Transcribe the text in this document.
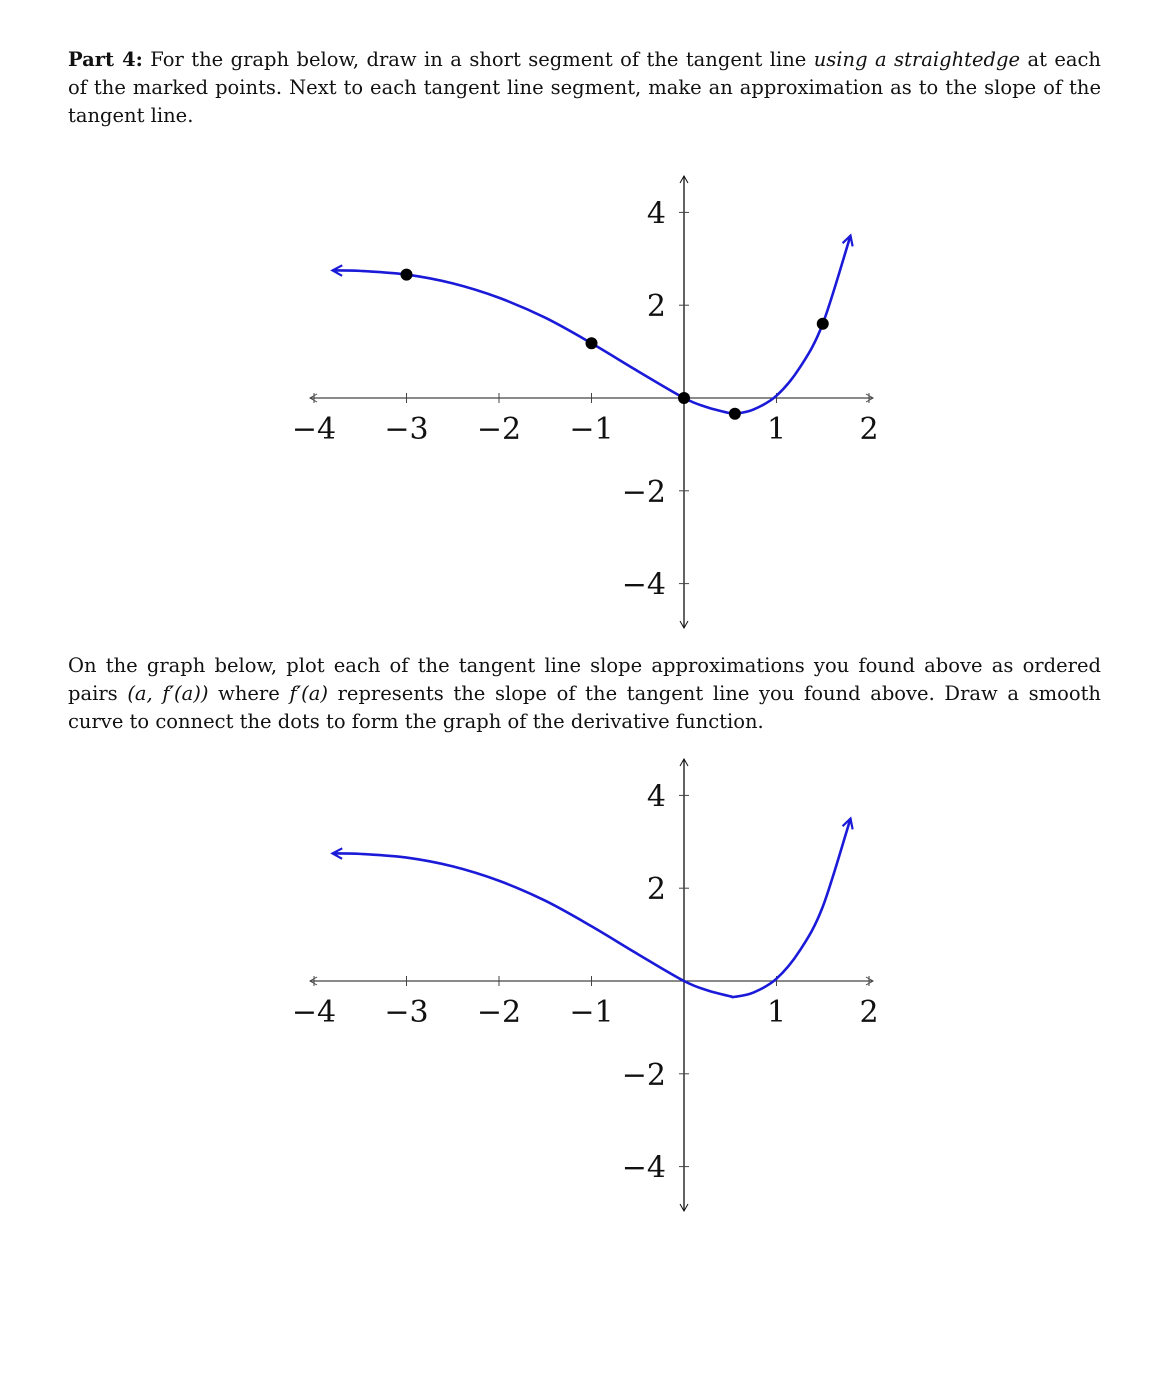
Part 4: For the graph below, draw in a short segment of the tangent line using a straightedge at each of the marked points. Next to each tangent line segment, make an approximation as to the slope of the tangent line.
−4 −3 −2 −1	1 2
4
2
−2
−4
On the graph below, plot each of the tangent line slope approximations you found above as ordered pairs (a, f′(a)) where f′(a) represents the slope of the tangent line you found above. Draw a smooth curve to connect the dots to form the graph of the derivative function.
−4 −3 −2 −1	1 2
4
2
−2
−4
